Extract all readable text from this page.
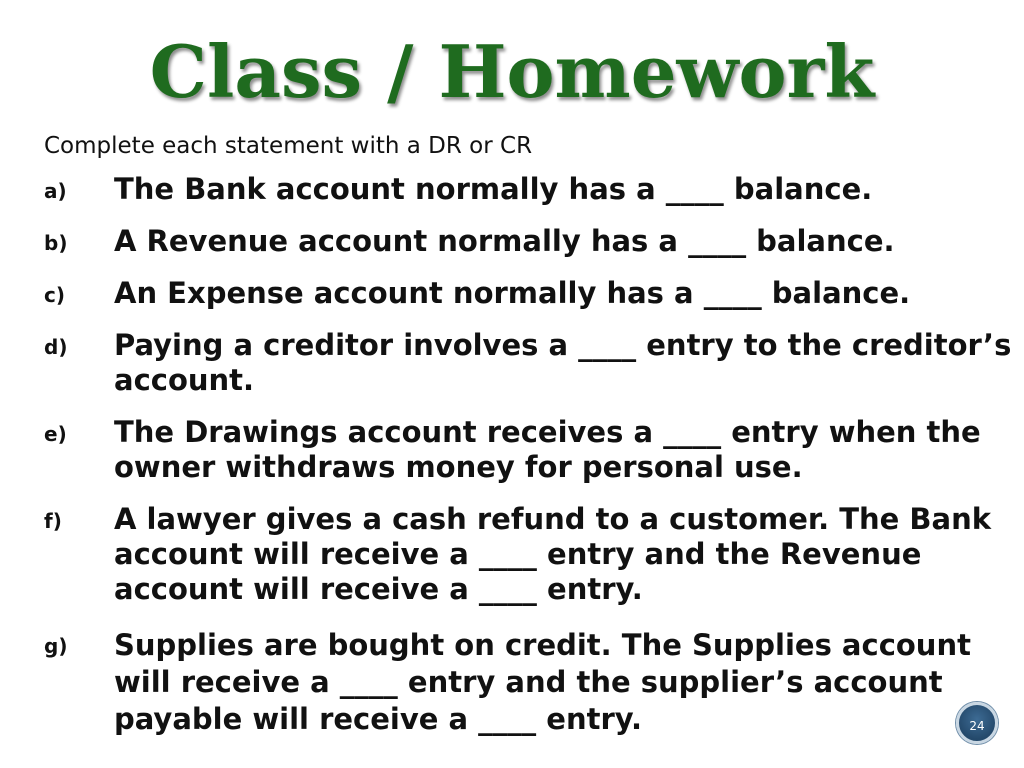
Class / Homework
Complete each statement with a DR or CR
a) The Bank account normally has a ____ balance.
b) A Revenue account normally has a ____ balance.
c) An Expense account normally has a ____ balance.
d) Paying a creditor involves a ____ entry to the creditor’s account.
e) The Drawings account receives a ____ entry when the owner withdraws money for personal use.
f) A lawyer gives a cash refund to a customer. The Bank account will receive a ____ entry and the Revenue account will receive a ____ entry.
g) Supplies are bought on credit. The Supplies account will receive a ____ entry and the supplier’s account payable will receive a ____ entry.	24
